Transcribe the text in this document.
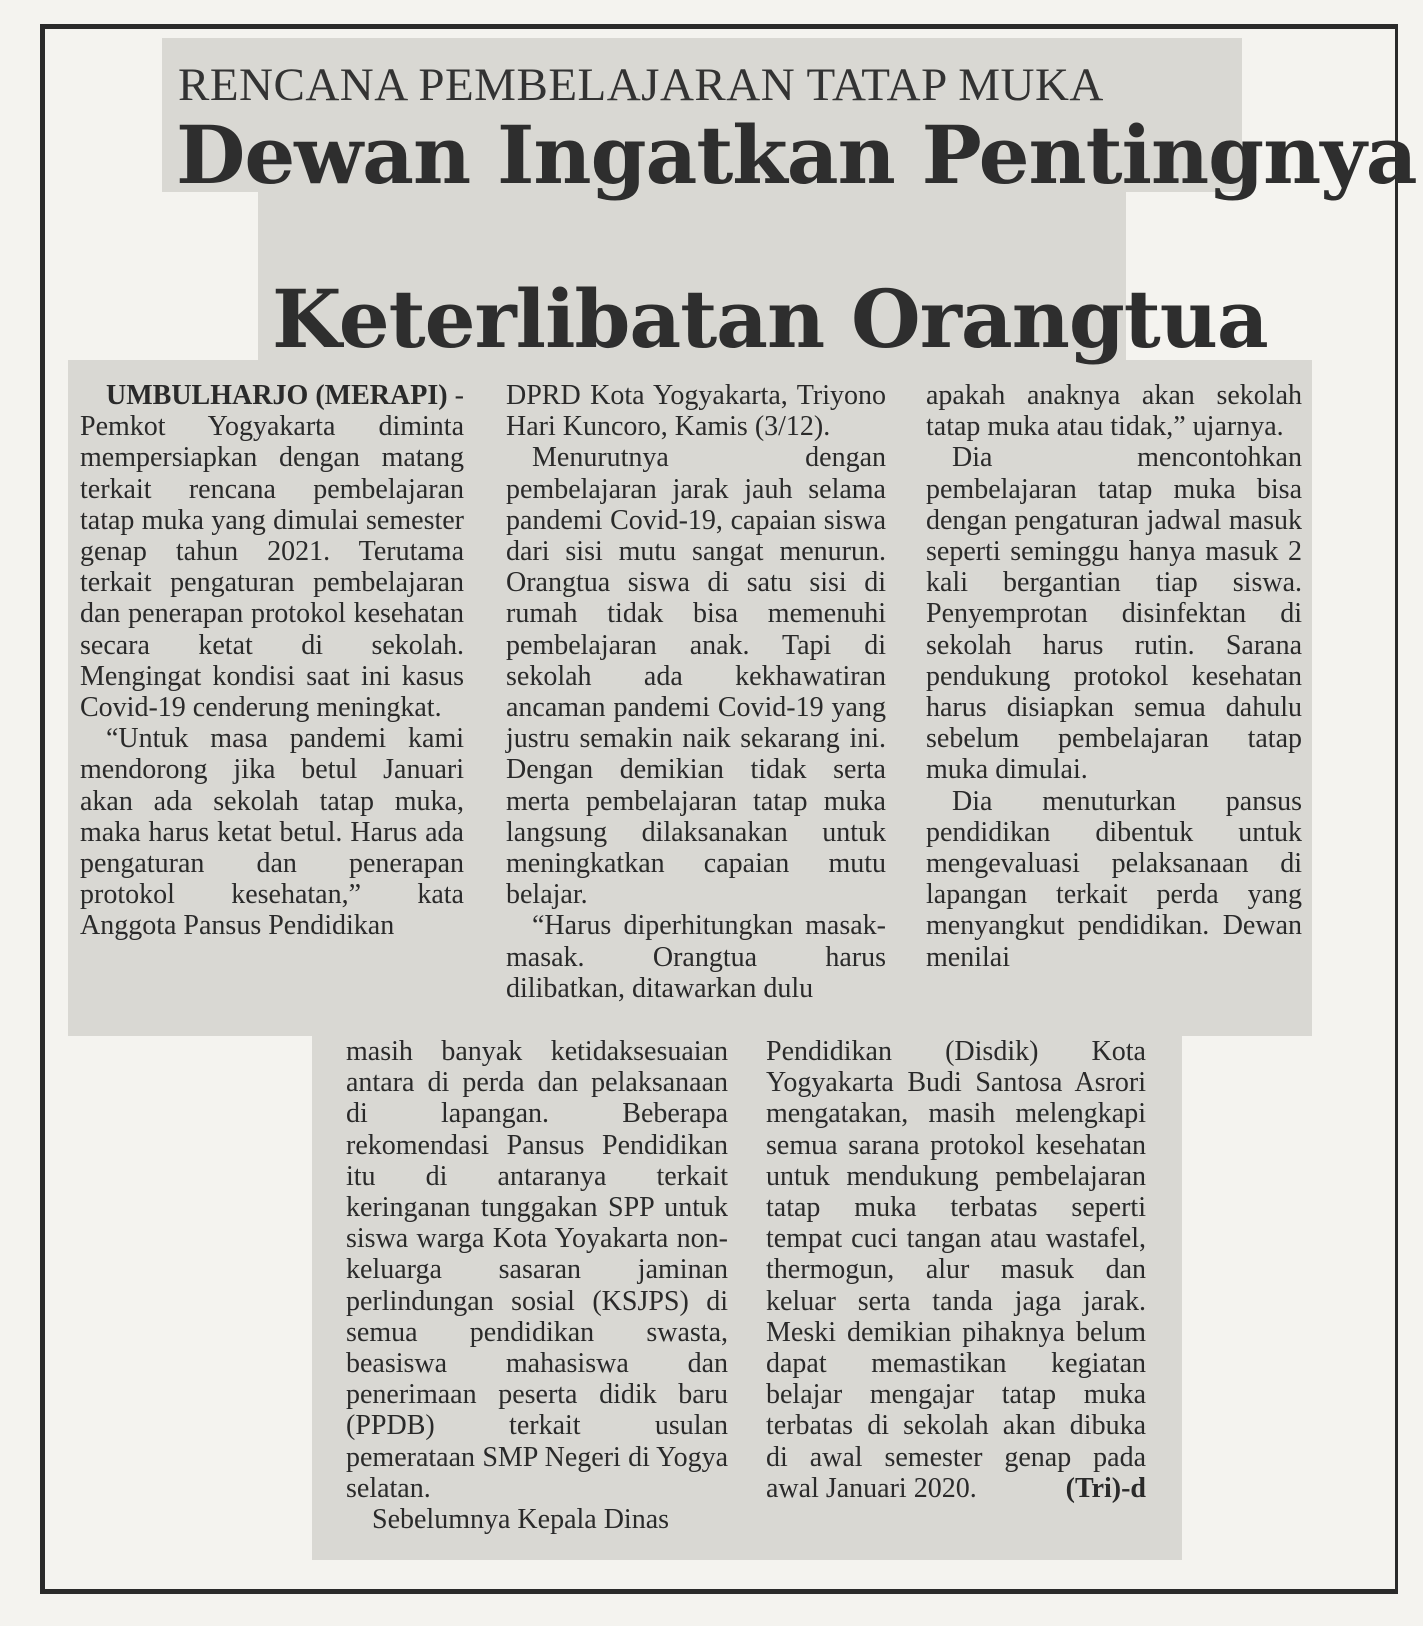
RENCANA PEMBELAJARAN TATAP MUKA
Dewan Ingatkan Pentingnya
Keterlibatan Orangtua

UMBULHARJO (MERAPI) - Pemkot Yogyakarta diminta mempersiapkan dengan matang terkait rencana pembelajaran tatap muka yang dimulai semester genap tahun 2021. Terutama terkait pengaturan pembelajaran dan penerapan protokol kesehatan secara ketat di sekolah. Mengingat kondisi saat ini kasus Covid-19 cenderung meningkat.

“Untuk masa pandemi kami mendorong jika betul Januari akan ada sekolah tatap muka, maka harus ketat betul. Harus ada pengaturan dan penerapan protokol kesehatan,” kata Anggota Pansus Pendidikan

DPRD Kota Yogyakarta, Triyono Hari Kuncoro, Kamis (3/12).

Menurutnya dengan pembelajaran jarak jauh selama pandemi Covid-19, capaian siswa dari sisi mutu sangat menurun. Orangtua siswa di satu sisi di rumah tidak bisa memenuhi pembelajaran anak. Tapi di sekolah ada kekhawatiran ancaman pandemi Covid-19 yang justru semakin naik sekarang ini. Dengan demikian tidak serta merta pembelajaran tatap muka langsung dilaksanakan untuk meningkatkan capaian mutu belajar.

“Harus diperhitungkan masak-masak. Orangtua harus dilibatkan, ditawarkan dulu

apakah anaknya akan sekolah tatap muka atau tidak,” ujarnya.

Dia mencontohkan pembelajaran tatap muka bisa dengan pengaturan jadwal masuk seperti seminggu hanya masuk 2 kali bergantian tiap siswa. Penyemprotan disinfektan di sekolah harus rutin. Sarana pendukung protokol kesehatan harus disiapkan semua dahulu sebelum pembelajaran tatap muka dimulai.

Dia menuturkan pansus pendidikan dibentuk untuk mengevaluasi pelaksanaan di lapangan terkait perda yang menyangkut pendidikan. Dewan menilai

masih banyak ketidaksesuaian antara di perda dan pelaksanaan di lapangan. Beberapa rekomendasi Pansus Pendidikan itu di antaranya terkait keringanan tunggakan SPP untuk siswa warga Kota Yoyakarta non-keluarga sasaran jaminan perlindungan sosial (KSJPS) di semua pendidikan swasta, beasiswa mahasiswa dan penerimaan peserta didik baru (PPDB) terkait usulan pemerataan SMP Negeri di Yogya selatan.

Sebelumnya Kepala Dinas

Pendidikan (Disdik) Kota Yogyakarta Budi Santosa Asrori mengatakan, masih melengkapi semua sarana protokol kesehatan untuk mendukung pembelajaran tatap muka terbatas seperti tempat cuci tangan atau wastafel, thermogun, alur masuk dan keluar serta tanda jaga jarak. Meski demikian pihaknya belum dapat memastikan kegiatan belajar mengajar tatap muka terbatas di sekolah akan dibuka di awal semester genap pada awal Januari 2020.	(Tri)-d
